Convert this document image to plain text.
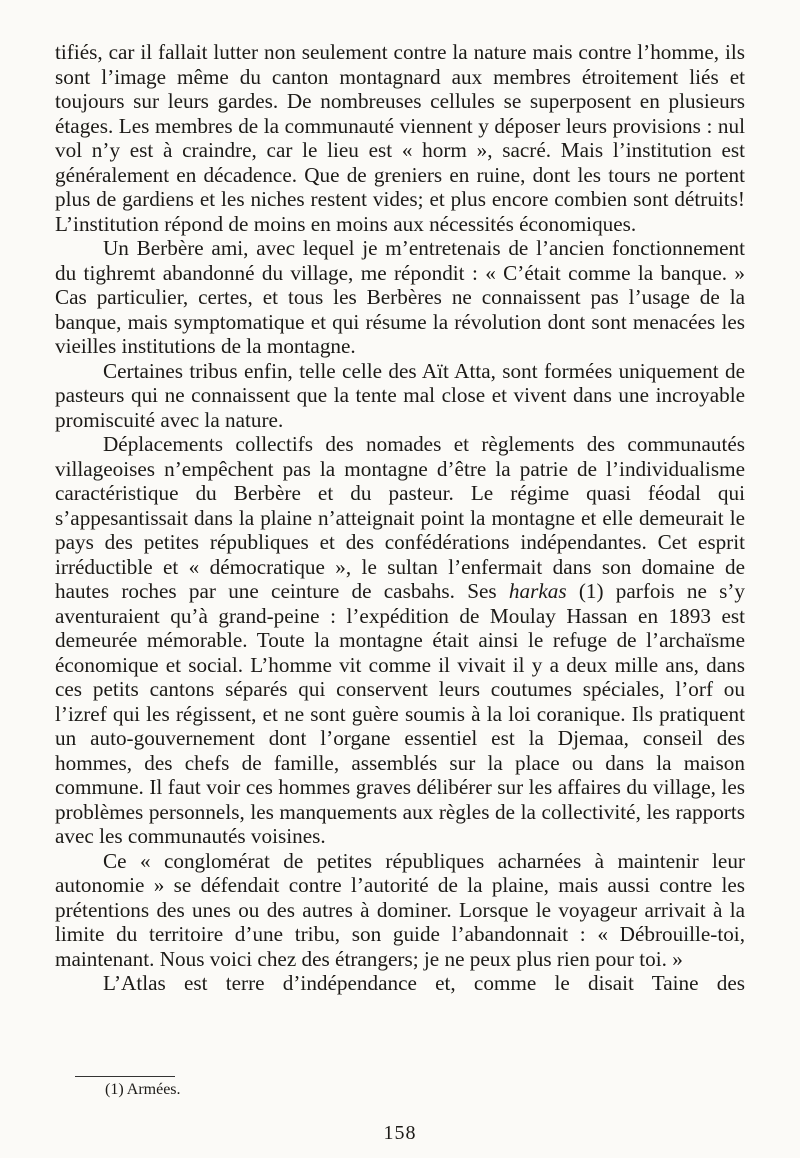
tifiés, car il fallait lutter non seulement contre la nature mais contre l’homme, ils sont l’image même du canton montagnard aux membres étroitement liés et toujours sur leurs gardes. De nombreuses cellules se superposent en plusieurs étages. Les membres de la communauté viennent y déposer leurs provisions : nul vol n’y est à craindre, car le lieu est « horm », sacré. Mais l’institution est généralement en décadence. Que de greniers en ruine, dont les tours ne portent plus de gardiens et les niches restent vides; et plus encore combien sont détruits! L’institution répond de moins en moins aux nécessités économiques.

Un Berbère ami, avec lequel je m’entretenais de l’ancien fonctionnement du tighremt abandonné du village, me répondit : « C’était comme la banque. » Cas particulier, certes, et tous les Berbères ne connaissent pas l’usage de la banque, mais symptomatique et qui résume la révolution dont sont menacées les vieilles institutions de la montagne.

Certaines tribus enfin, telle celle des Aït Atta, sont formées uniquement de pasteurs qui ne connaissent que la tente mal close et vivent dans une incroyable promiscuité avec la nature.

Déplacements collectifs des nomades et règlements des communautés villageoises n’empêchent pas la montagne d’être la patrie de l’individualisme caractéristique du Berbère et du pasteur. Le régime quasi féodal qui s’appesantissait dans la plaine n’atteignait point la montagne et elle demeurait le pays des petites républiques et des confédérations indépendantes. Cet esprit irréductible et « démocratique », le sultan l’enfermait dans son domaine de hautes roches par une ceinture de casbahs. Ses harkas (1) parfois ne s’y aventuraient qu’à grand-peine : l’expédition de Moulay Hassan en 1893 est demeurée mémorable. Toute la montagne était ainsi le refuge de l’archaïsme économique et social. L’homme vit comme il vivait il y a deux mille ans, dans ces petits cantons séparés qui conservent leurs coutumes spéciales, l’orf ou l’izref qui les régissent, et ne sont guère soumis à la loi coranique. Ils pratiquent un auto-gouvernement dont l’organe essentiel est la Djemaa, conseil des hommes, des chefs de famille, assemblés sur la place ou dans la maison commune. Il faut voir ces hommes graves délibérer sur les affaires du village, les problèmes personnels, les manquements aux règles de la collectivité, les rapports avec les communautés voisines.

Ce « conglomérat de petites républiques acharnées à maintenir leur autonomie » se défendait contre l’autorité de la plaine, mais aussi contre les prétentions des unes ou des autres à dominer. Lorsque le voyageur arrivait à la limite du territoire d’une tribu, son guide l’abandonnait : « Débrouille-toi, maintenant. Nous voici chez des étrangers; je ne peux plus rien pour toi. »

L’Atlas est terre d’indépendance et, comme le disait Taine des

(1) Armées.
158
